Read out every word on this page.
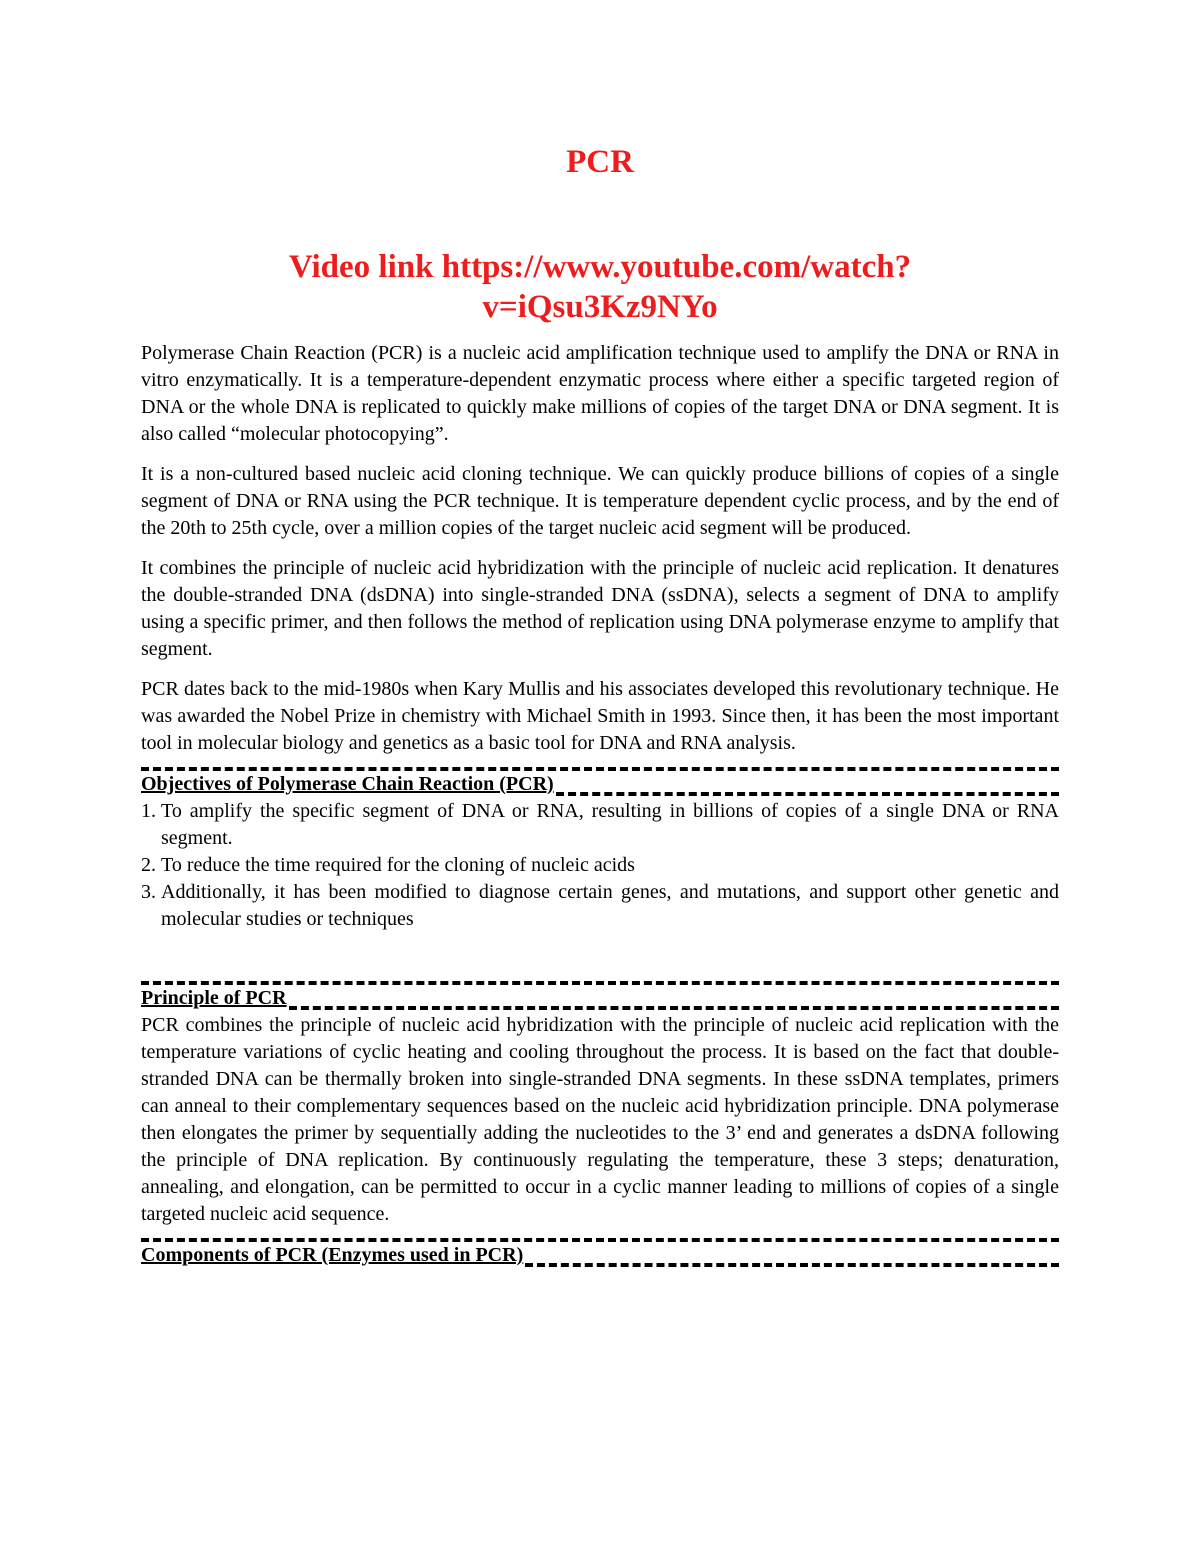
PCR
Video link https://www.youtube.com/watch?
v=iQsu3Kz9NYo

Polymerase Chain Reaction (PCR) is a nucleic acid amplification technique used to amplify the DNA or RNA in vitro enzymatically. It is a temperature-dependent enzymatic process where either a specific targeted region of DNA or the whole DNA is replicated to quickly make millions of copies of the target DNA or DNA segment. It is also called “molecular photocopying”.

It is a non-cultured based nucleic acid cloning technique. We can quickly produce billions of copies of a single segment of DNA or RNA using the PCR technique. It is temperature dependent cyclic process, and by the end of the 20th to 25th cycle, over a million copies of the target nucleic acid segment will be produced.

It combines the principle of nucleic acid hybridization with the principle of nucleic acid replication. It denatures the double-stranded DNA (dsDNA) into single-stranded DNA (ssDNA), selects a segment of DNA to amplify using a specific primer, and then follows the method of replication using DNA polymerase enzyme to amplify that segment.

PCR dates back to the mid-1980s when Kary Mullis and his associates developed this revolutionary technique. He was awarded the Nobel Prize in chemistry with Michael Smith in 1993. Since then, it has been the most important tool in molecular biology and genetics as a basic tool for DNA and RNA analysis.

Objectives of Polymerase Chain Reaction (PCR)
1. To amplify the specific segment of DNA or RNA, resulting in billions of copies of a single DNA or RNA segment.
2. To reduce the time required for the cloning of nucleic acids
3. Additionally, it has been modified to diagnose certain genes, and mutations, and support other genetic and molecular studies or techniques
Principle of PCR

PCR combines the principle of nucleic acid hybridization with the principle of nucleic acid replication with the temperature variations of cyclic heating and cooling throughout the process. It is based on the fact that double-stranded DNA can be thermally broken into single-stranded DNA segments. In these ssDNA templates, primers can anneal to their complementary sequences based on the nucleic acid hybridization principle. DNA polymerase then elongates the primer by sequentially adding the nucleotides to the 3’ end and generates a dsDNA following the principle of DNA replication. By continuously regulating the temperature, these 3 steps; denaturation, annealing, and elongation, can be permitted to occur in a cyclic manner leading to millions of copies of a single targeted nucleic acid sequence.

Components of PCR (Enzymes used in PCR)
